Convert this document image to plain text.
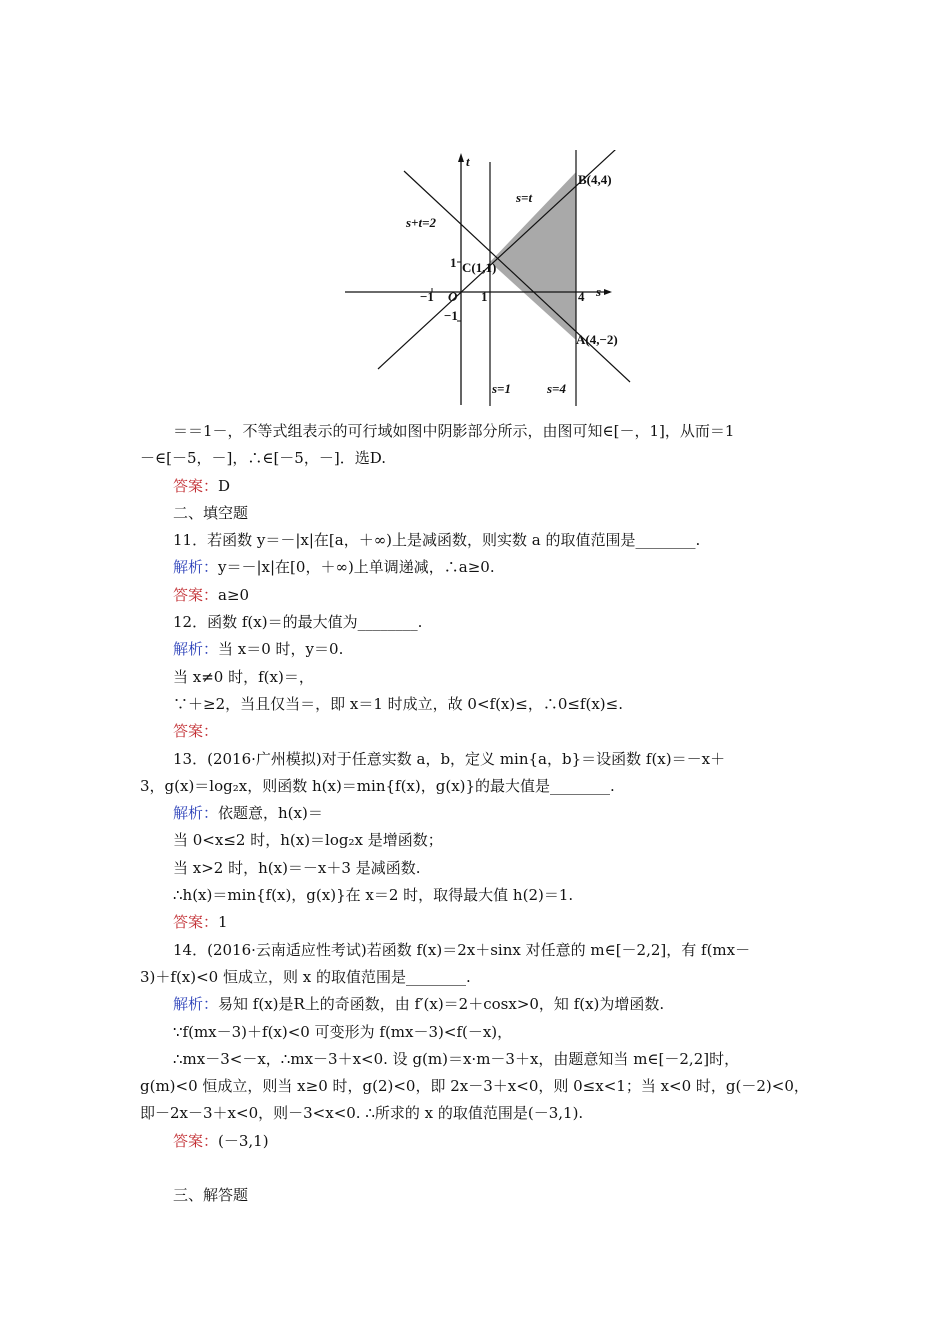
t
s
s+t=2
s=t
B(4,4)
C(1,1)
A(4,−2)
1
−1 O 1	4
−1
s=1	s=4
＝＝1－，不等式组表示的可行域如图中阴影部分所示，由图可知∈[－，1]，从而＝1
－∈[－5，－]，∴∈[－5，－]．选D.
答案：D
二、填空题
11．若函数 y＝－|x|在[a，＋∞)上是减函数，则实数 a 的取值范围是________.
解析：y＝－|x|在[0，＋∞)上单调递减，∴a≥0.
答案：a≥0
12．函数 f(x)＝的最大值为________.
解析：当 x＝0 时，y＝0.
当 x≠0 时，f(x)＝，
∵＋≥2，当且仅当＝，即 x＝1 时成立，故 0<f(x)≤，∴0≤f(x)≤.
答案：
13．(2016·广州模拟)对于任意实数 a，b，定义 min{a，b}＝设函数 f(x)＝－x＋
3，g(x)＝log₂x，则函数 h(x)＝min{f(x)，g(x)}的最大值是________.
解析：依题意，h(x)＝
当 0<x≤2 时，h(x)＝log₂x 是增函数；
当 x>2 时，h(x)＝－x＋3 是减函数.
∴h(x)＝min{f(x)，g(x)}在 x＝2 时，取得最大值 h(2)＝1.
答案：1
14．(2016·云南适应性考试)若函数 f(x)＝2x＋sinx 对任意的 m∈[－2,2]，有 f(mx－
3)＋f(x)<0 恒成立，则 x 的取值范围是________.
解析：易知 f(x)是R上的奇函数，由 f′(x)＝2＋cosx>0，知 f(x)为增函数.
∵f(mx－3)＋f(x)<0 可变形为 f(mx－3)<f(－x)，
∴mx－3<－x，∴mx－3＋x<0. 设 g(m)＝x·m－3＋x，由题意知当 m∈[－2,2]时，
g(m)<0 恒成立，则当 x≥0 时，g(2)<0，即 2x－3＋x<0，则 0≤x<1；当 x<0 时，g(－2)<0，
即－2x－3＋x<0，则－3<x<0. ∴所求的 x 的取值范围是(－3,1).
答案：(－3,1)
三、解答题
